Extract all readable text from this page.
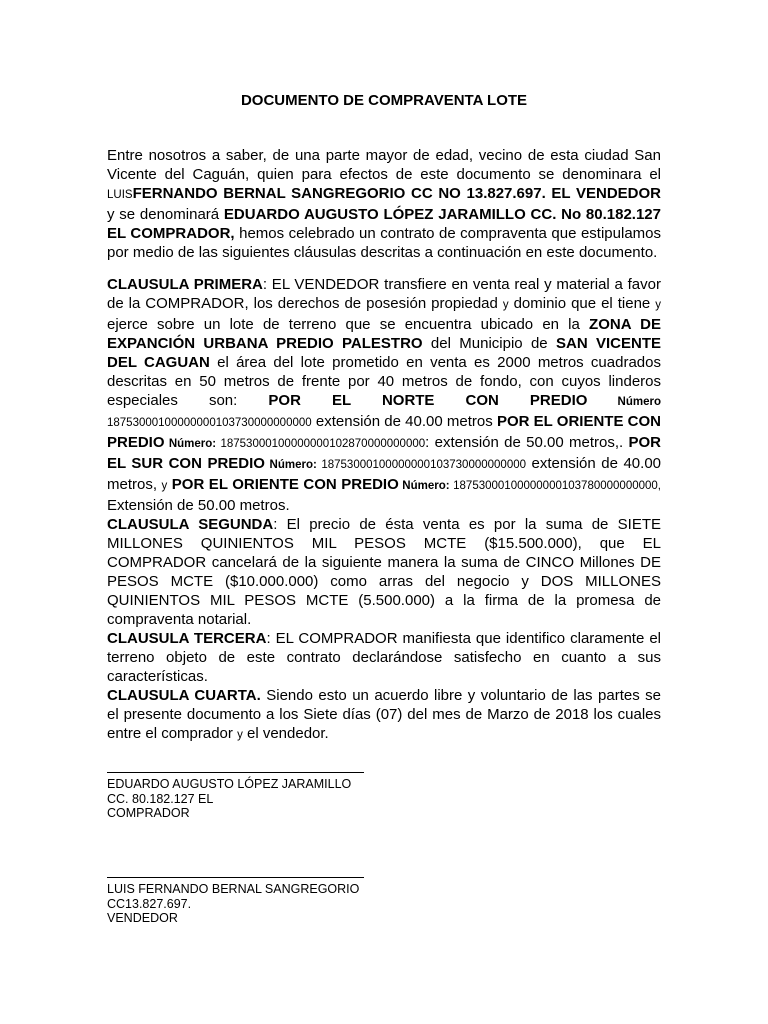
DOCUMENTO DE COMPRAVENTA LOTE

Entre nosotros a saber, de una parte mayor de edad, vecino de esta ciudad San Vicente del Caguán, quien para efectos de este documento se denominara el LUISFERNANDO BERNAL SANGREGORIO CC NO 13.827.697. EL VENDEDOR y se denominará EDUARDO AUGUSTO LÓPEZ JARAMILLO CC. No 80.182.127 EL COMPRADOR, hemos celebrado un contrato de compraventa que estipulamos por medio de las siguientes cláusulas descritas a continuación en este documento.

CLAUSULA PRIMERA: EL VENDEDOR transfiere en venta real y material a favor de la COMPRADOR, los derechos de posesión propiedad y dominio que el tiene y ejerce sobre un lote de terreno que se encuentra ubicado en la ZONA DE EXPANCIÓN URBANA PREDIO PALESTRO del Municipio de SAN VICENTE DEL CAGUAN el área del lote prometido en venta es 2000 metros cuadrados descritas en 50 metros de frente por 40 metros de fondo, con cuyos linderos especiales son: POR EL NORTE CON PREDIO Número 18753000100000000103730000000000 extensión de 40.00 metros POR EL ORIENTE CON PREDIO Número: 18753000100000000102870000000000: extensión de 50.00 metros,. POR EL SUR CON PREDIO Número: 18753000100000000103730000000000 extensión de 40.00 metros, y POR EL ORIENTE CON PREDIO Número: 18753000100000000103780000000000, Extensión de 50.00 metros.

CLAUSULA SEGUNDA: El precio de ésta venta es por la suma de SIETE MILLONES QUINIENTOS MIL PESOS MCTE ($15.500.000), que EL COMPRADOR cancelará de la siguiente manera la suma de CINCO Millones DE PESOS MCTE ($10.000.000) como arras del negocio y DOS MILLONES QUINIENTOS MIL PESOS MCTE (5.500.000) a la firma de la promesa de compraventa notarial.

CLAUSULA TERCERA: EL COMPRADOR manifiesta que identifico claramente el terreno objeto de este contrato declarándose satisfecho en cuanto a sus características.

CLAUSULA CUARTA. Siendo esto un acuerdo libre y voluntario de las partes se el presente documento a los Siete días (07) del mes de Marzo de 2018 los cuales entre el comprador y el vendedor.

EDUARDO AUGUSTO LÓPEZ JARAMILLO
CC. 80.182.127 EL
COMPRADOR
LUIS FERNANDO BERNAL SANGREGORIO
CC13.827.697.
VENDEDOR
